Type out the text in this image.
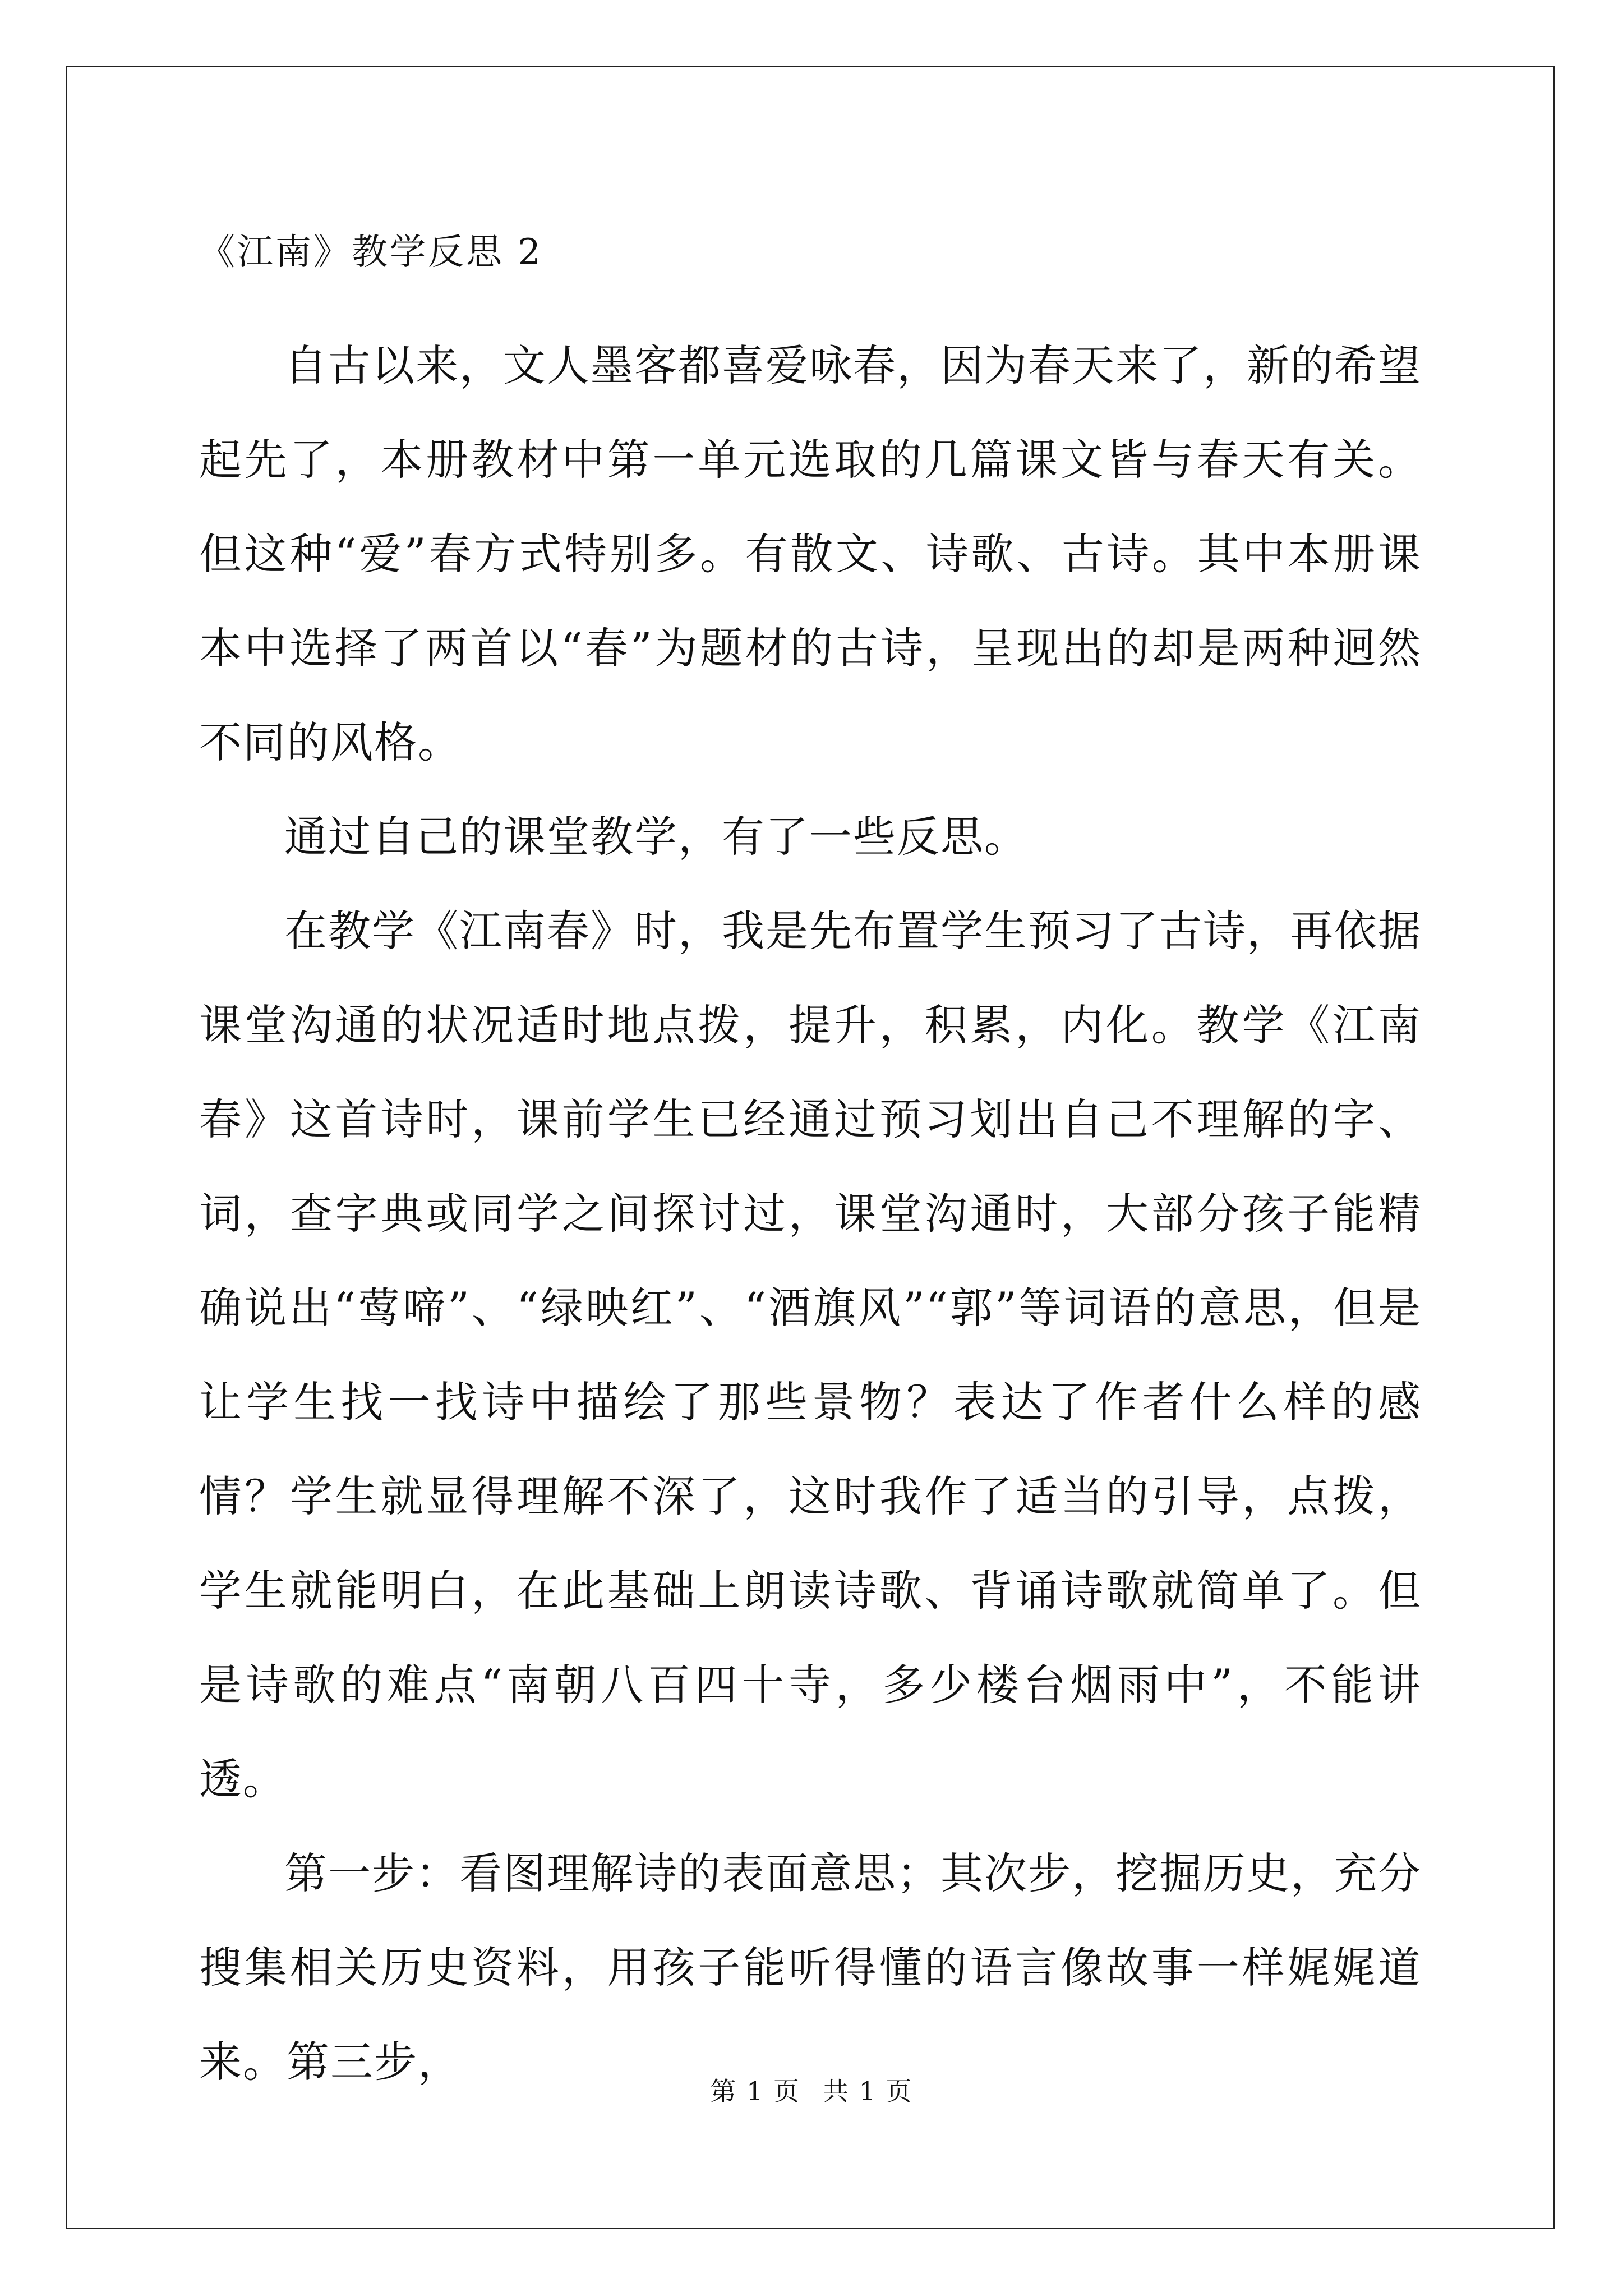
《江南》教学反思 2

自古以来，文人墨客都喜爱咏春，因为春天来了，新的希望起先了，本册教材中第一单元选取的几篇课文皆与春天有关。但这种“爱”春方式特别多。有散文、诗歌、古诗。其中本册课本中选择了两首以“春”为题材的古诗，呈现出的却是两种迥然不同的风格。

通过自己的课堂教学，有了一些反思。

在教学《江南春》时，我是先布置学生预习了古诗，再依据课堂沟通的状况适时地点拨，提升，积累，内化。教学《江南春》这首诗时，课前学生已经通过预习划出自己不理解的字、词，查字典或同学之间探讨过，课堂沟通时，大部分孩子能精确说出“莺啼”、“绿映红”、“酒旗风”“郭”等词语的意思，但是让学生找一找诗中描绘了那些景物？表达了作者什么样的感情？学生就显得理解不深了，这时我作了适当的引导，点拨，学生就能明白，在此基础上朗读诗歌、背诵诗歌就简单了。但是诗歌的难点“南朝八百四十寺，多少楼台烟雨中”，不能讲透。

第一步：看图理解诗的表面意思；其次步，挖掘历史，充分搜集相关历史资料，用孩子能听得懂的语言像故事一样娓娓道来。第三步，

第 1 页 共 1 页
